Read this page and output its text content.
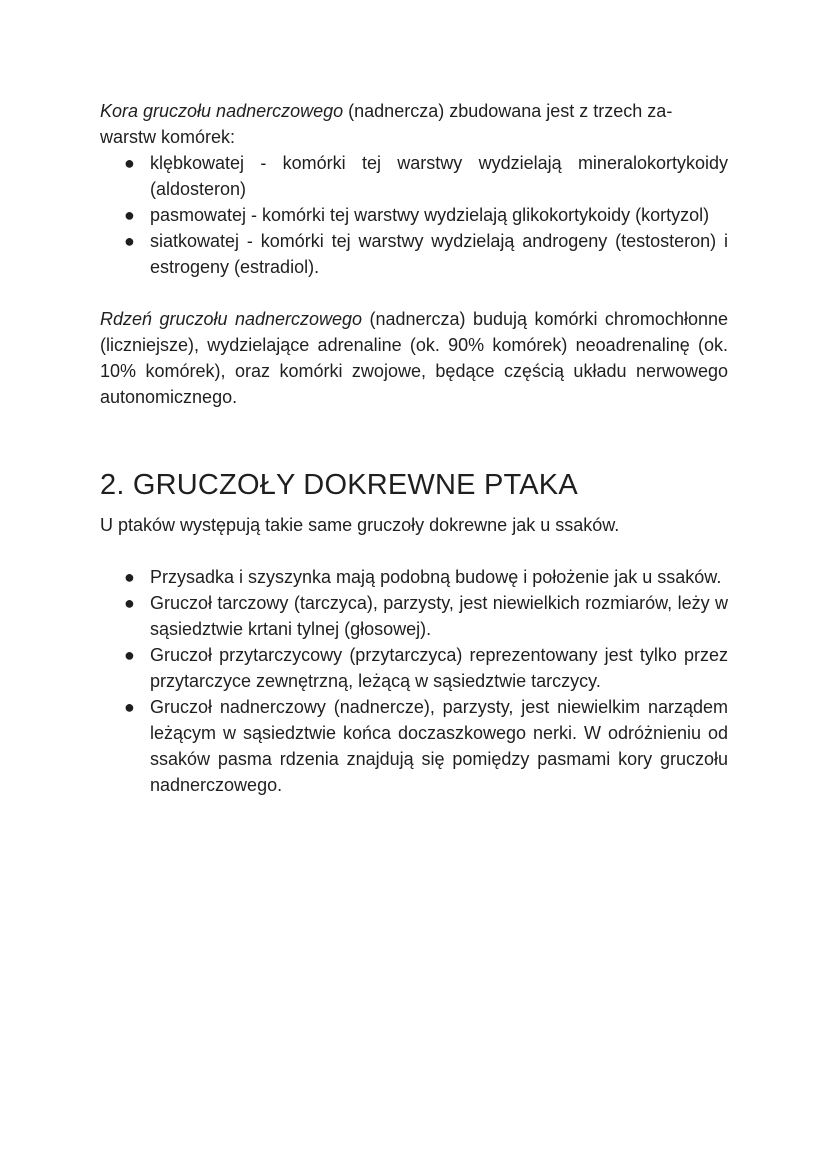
Kora gruczołu nadnerczowego (nadnercza) zbudowana jest z trzech za-warstw komórek:

● klębkowatej - komórki tej warstwy wydzielają mineralokortykoidy (aldosteron)
● pasmowatej - komórki tej warstwy wydzielają glikokortykoidy (kortyzol)
● siatkowatej - komórki tej warstwy wydzielają androgeny (testosteron) i estrogeny (estradiol).

Rdzeń gruczołu nadnerczowego (nadnercza) budują komórki chromochłonne (liczniejsze), wydzielające adrenaline (ok. 90% komórek) neoadrenalinę (ok. 10% komórek), oraz komórki zwojowe, będące częścią układu nerwowego autonomicznego.

2. GRUCZOŁY DOKREWNE PTAKA

U ptaków występują takie same gruczoły dokrewne jak u ssaków.

● Przysadka i szyszynka mają podobną budowę i położenie jak u ssaków.
● Gruczoł tarczowy (tarczyca), parzysty, jest niewielkich rozmiarów, leży w sąsiedztwie krtani tylnej (głosowej).
● Gruczoł przytarczycowy (przytarczyca) reprezentowany jest tylko przez przytarczyce zewnętrzną, leżącą w sąsiedztwie tarczycy.
● Gruczoł nadnerczowy (nadnercze), parzysty, jest niewielkim narządem leżącym w sąsiedztwie końca doczaszkowego nerki. W odróżnieniu od ssaków pasma rdzenia znajdują się pomiędzy pasmami kory gruczołu nadnerczowego.
